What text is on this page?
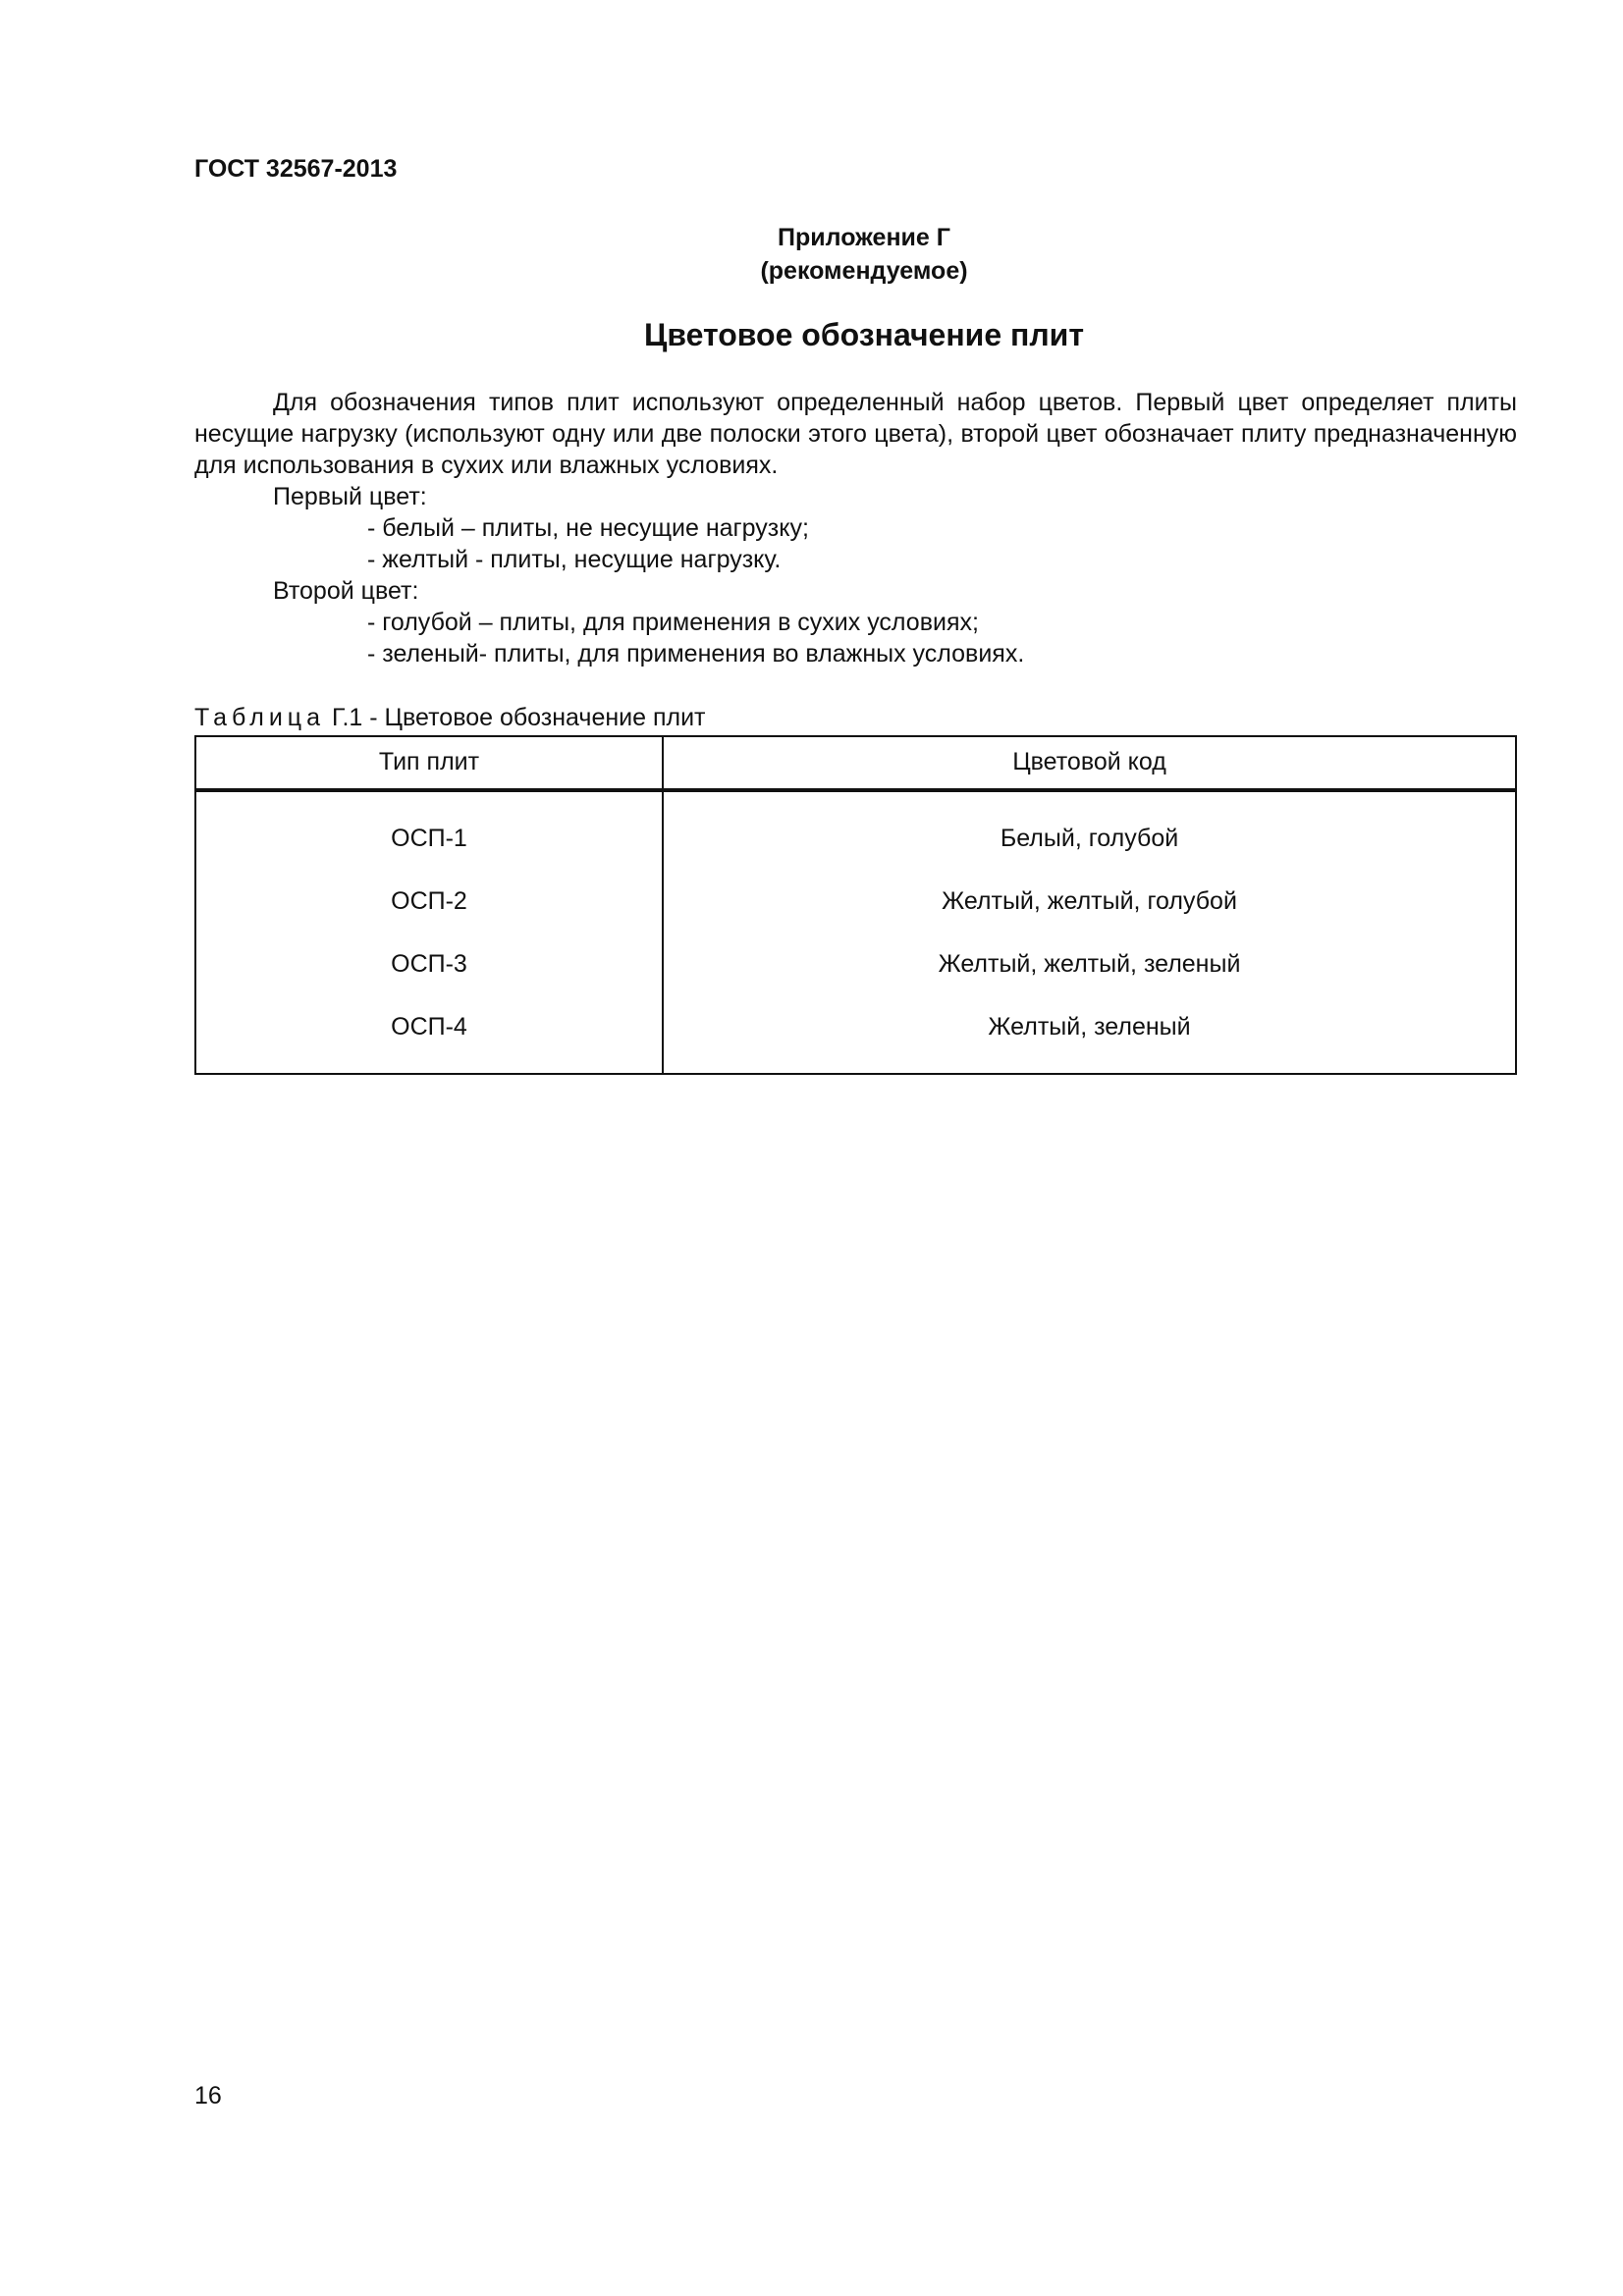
ГОСТ 32567-2013
Приложение Г
(рекомендуемое)
Цветовое обозначение плит

Для обозначения типов плит используют определенный набор цветов. Первый цвет определяет плиты несущие нагрузку (используют одну или две полоски этого цвета), второй цвет обозначает плиту предназначенную для использования в сухих или влажных условиях.

Первый цвет:
- белый – плиты, не несущие нагрузку;
- желтый - плиты, несущие нагрузку.
Второй цвет:
- голубой – плиты, для применения в сухих условиях;
- зеленый- плиты, для применения во влажных условиях.
Таблица Г.1 - Цветовое обозначение плит
Тип плит	Цветовой код
ОСП-1	Белый, голубой
ОСП-2	Желтый, желтый, голубой
ОСП-3	Желтый, желтый, зеленый
ОСП-4	Желтый, зеленый
16
